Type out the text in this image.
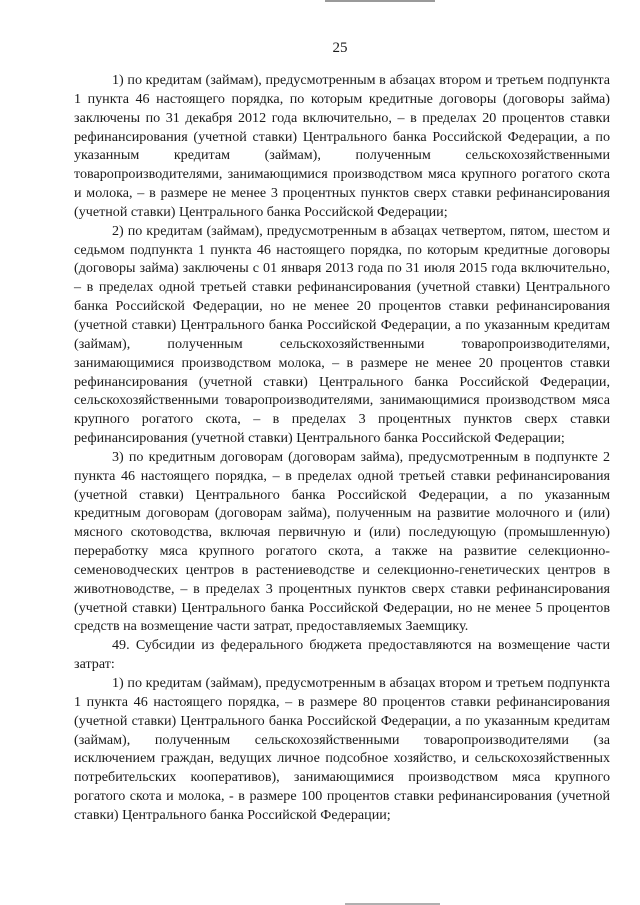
25

1) по кредитам (займам), предусмотренным в абзацах втором и третьем подпункта 1 пункта 46 настоящего порядка, по которым кредитные договоры (договоры займа) заключены по 31 декабря 2012 года включительно, – в пределах 20 процентов ставки рефинансирования (учетной ставки) Центрального банка Российской Федерации, а по указанным кредитам (займам), полученным сельскохозяйственными товаропроизводителями, занимающимися производством мяса крупного рогатого скота и молока, – в размере не менее 3 процентных пунктов сверх ставки рефинансирования (учетной ставки) Центрального банка Российской Федерации;

2) по кредитам (займам), предусмотренным в абзацах четвертом, пятом, шестом и седьмом подпункта 1 пункта 46 настоящего порядка, по которым кредитные договоры (договоры займа) заключены с 01 января 2013 года по 31 июля 2015 года включительно, – в пределах одной третьей ставки рефинансирования (учетной ставки) Центрального банка Российской Федерации, но не менее 20 процентов ставки рефинансирования (учетной ставки) Центрального банка Российской Федерации, а по указанным кредитам (займам), полученным сельскохозяйственными товаропроизводителями, занимающимися производством молока, – в размере не менее 20 процентов ставки рефинансирования (учетной ставки) Центрального банка Российской Федерации, сельскохозяйственными товаропроизводителями, занимающимися производством мяса крупного рогатого скота, – в пределах 3 процентных пунктов сверх ставки рефинансирования (учетной ставки) Центрального банка Российской Федерации;

3) по кредитным договорам (договорам займа), предусмотренным в подпункте 2 пункта 46 настоящего порядка, – в пределах одной третьей ставки рефинансирования (учетной ставки) Центрального банка Российской Федерации, а по указанным кредитным договорам (договорам займа), полученным на развитие молочного и (или) мясного скотоводства, включая первичную и (или) последующую (промышленную) переработку мяса крупного рогатого скота, а также на развитие селекционно-семеноводческих центров в растениеводстве и селекционно-генетических центров в животноводстве, – в пределах 3 процентных пунктов сверх ставки рефинансирования (учетной ставки) Центрального банка Российской Федерации, но не менее 5 процентов средств на возмещение части затрат, предоставляемых Заемщику.

49. Субсидии из федерального бюджета предоставляются на возмещение части затрат:

1) по кредитам (займам), предусмотренным в абзацах втором и третьем подпункта 1 пункта 46 настоящего порядка, – в размере 80 процентов ставки рефинансирования (учетной ставки) Центрального банка Российской Федерации, а по указанным кредитам (займам), полученным сельскохозяйственными товаропроизводителями (за исключением граждан, ведущих личное подсобное хозяйство, и сельскохозяйственных потребительских кооперативов), занимающимися производством мяса крупного рогатого скота и молока, - в размере 100 процентов ставки рефинансирования (учетной ставки) Центрального банка Российской Федерации;
